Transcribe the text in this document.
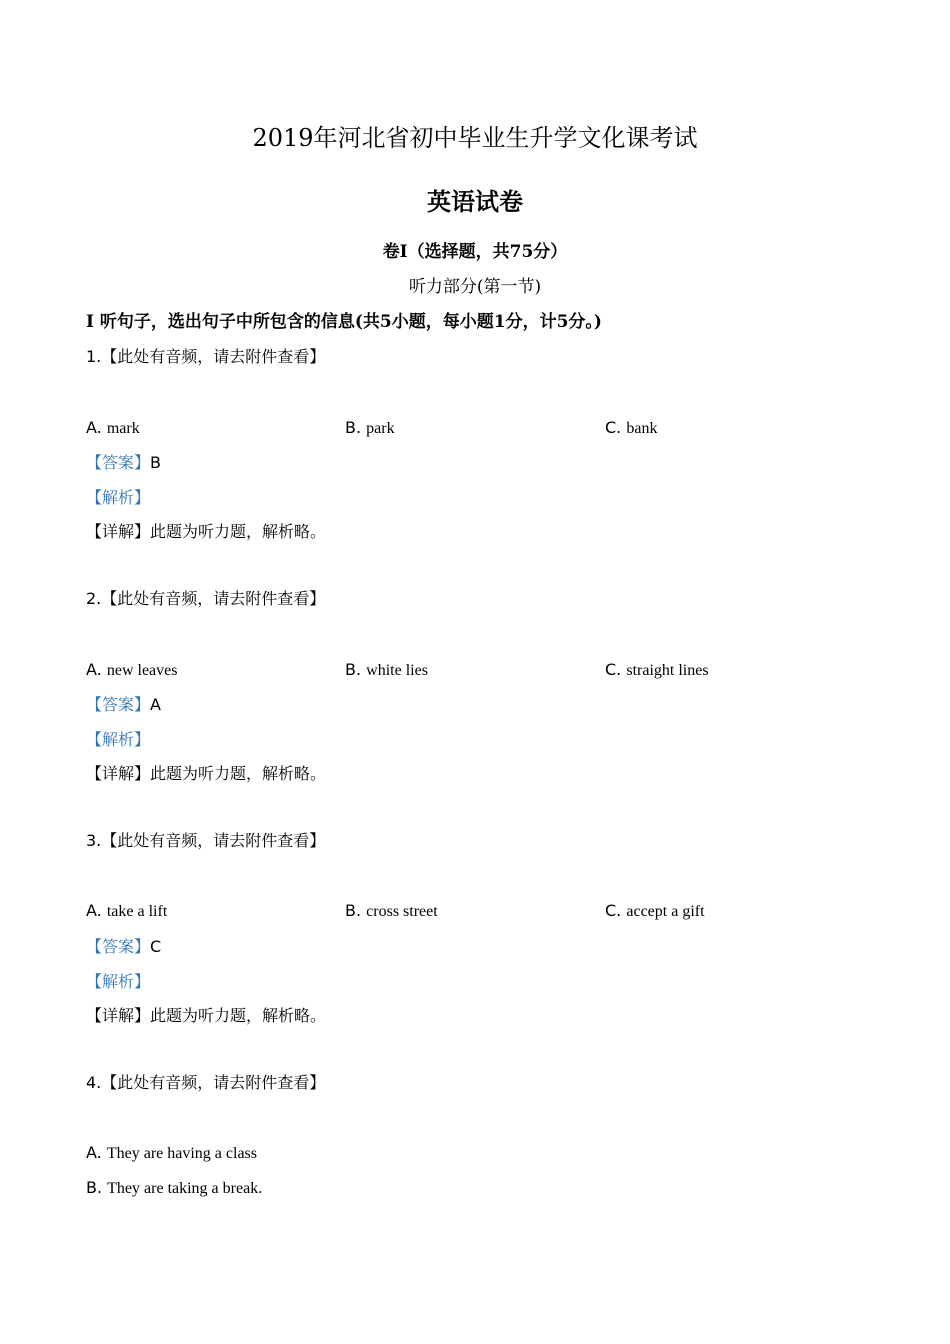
2019年河北省初中毕业生升学文化课考试
英语试卷
卷Ⅰ（选择题，共75分）
听力部分(第一节)
Ⅰ 听句子，选出句子中所包含的信息(共5小题，每小题1分，计5分。)
1.【此处有音频，请去附件查看】
A. mark	B. park	C. bank
【答案】B
【解析】
【详解】此题为听力题，解析略。
2.【此处有音频，请去附件查看】
A. new leaves	B. white lies	C. straight lines
【答案】A
【解析】
【详解】此题为听力题，解析略。
3.【此处有音频，请去附件查看】
A. take a lift	B. cross street	C. accept a gift
【答案】C
【解析】
【详解】此题为听力题，解析略。
4.【此处有音频，请去附件查看】
A. They are having a class
B. They are taking a break.
